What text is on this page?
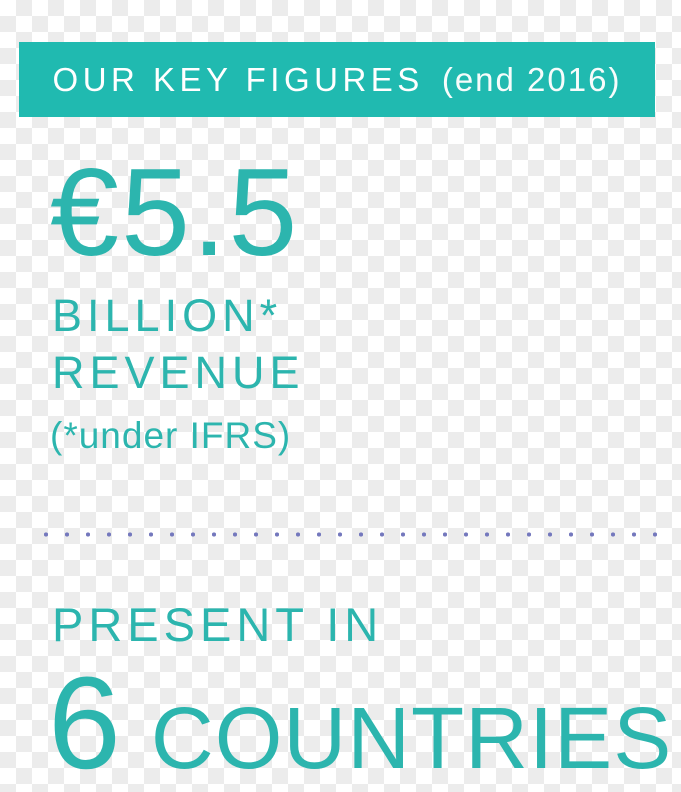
OUR KEY FIGURES (end 2016)
€5.5
BILLION*
REVENUE
(*under IFRS)
PRESENT IN
6 COUNTRIES
